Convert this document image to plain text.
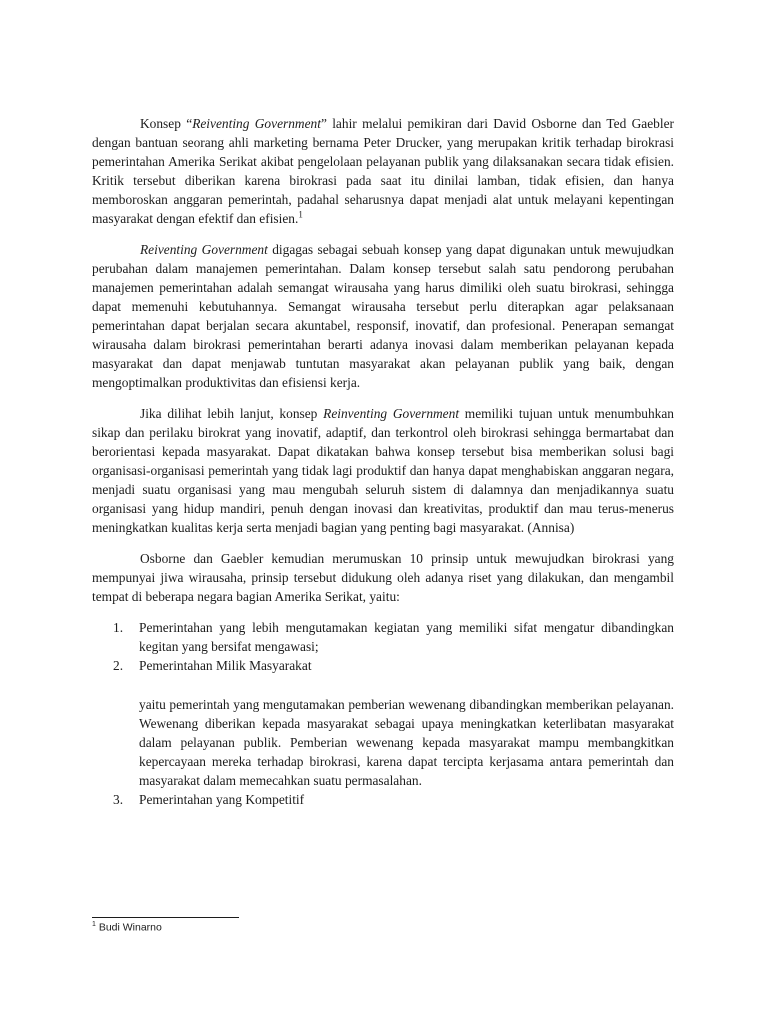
Konsep “Reiventing Government” lahir melalui pemikiran dari David Osborne dan Ted Gaebler dengan bantuan seorang ahli marketing bernama Peter Drucker, yang merupakan kritik terhadap birokrasi pemerintahan Amerika Serikat akibat pengelolaan pelayanan publik yang dilaksanakan secara tidak efisien. Kritik tersebut diberikan karena birokrasi pada saat itu dinilai lamban, tidak efisien, dan hanya memboroskan anggaran pemerintah, padahal seharusnya dapat menjadi alat untuk melayani kepentingan masyarakat dengan efektif dan efisien.$^1$

Reiventing Government digagas sebagai sebuah konsep yang dapat digunakan untuk mewujudkan perubahan dalam manajemen pemerintahan. Dalam konsep tersebut salah satu pendorong perubahan manajemen pemerintahan adalah semangat wirausaha yang harus dimiliki oleh suatu birokrasi, sehingga dapat memenuhi kebutuhannya. Semangat wirausaha tersebut perlu diterapkan agar pelaksanaan pemerintahan dapat berjalan secara akuntabel, responsif, inovatif, dan profesional. Penerapan semangat wirausaha dalam birokrasi pemerintahan berarti adanya inovasi dalam memberikan pelayanan kepada masyarakat dan dapat menjawab tuntutan masyarakat akan pelayanan publik yang baik, dengan mengoptimalkan produktivitas dan efisiensi kerja.

Jika dilihat lebih lanjut, konsep Reinventing Government memiliki tujuan untuk menumbuhkan sikap dan perilaku birokrat yang inovatif, adaptif, dan terkontrol oleh birokrasi sehingga bermartabat dan berorientasi kepada masyarakat. Dapat dikatakan bahwa konsep tersebut bisa memberikan solusi bagi organisasi-organisasi pemerintah yang tidak lagi produktif dan hanya dapat menghabiskan anggaran negara, menjadi suatu organisasi yang mau mengubah seluruh sistem di dalamnya dan menjadikannya suatu organisasi yang hidup mandiri, penuh dengan inovasi dan kreativitas, produktif dan mau terus-menerus meningkatkan kualitas kerja serta menjadi bagian yang penting bagi masyarakat. (Annisa)

Osborne dan Gaebler kemudian merumuskan 10 prinsip untuk mewujudkan birokrasi yang mempunyai jiwa wirausaha, prinsip tersebut didukung oleh adanya riset yang dilakukan, dan mengambil tempat di beberapa negara bagian Amerika Serikat, yaitu:

1. Pemerintahan yang lebih mengutamakan kegiatan yang memiliki sifat mengatur dibandingkan kegitan yang bersifat mengawasi;
2. Pemerintahan Milik Masyarakat

yaitu pemerintah yang mengutamakan pemberian wewenang dibandingkan memberikan pelayanan. Wewenang diberikan kepada masyarakat sebagai upaya meningkatkan keterlibatan masyarakat dalam pelayanan publik. Pemberian wewenang kepada masyarakat mampu membangkitkan kepercayaan mereka terhadap birokrasi, karena dapat tercipta kerjasama antara pemerintah dan masyarakat dalam memecahkan suatu permasalahan.

3. Pemerintahan yang Kompetitif
$^1$ Budi Winarno
